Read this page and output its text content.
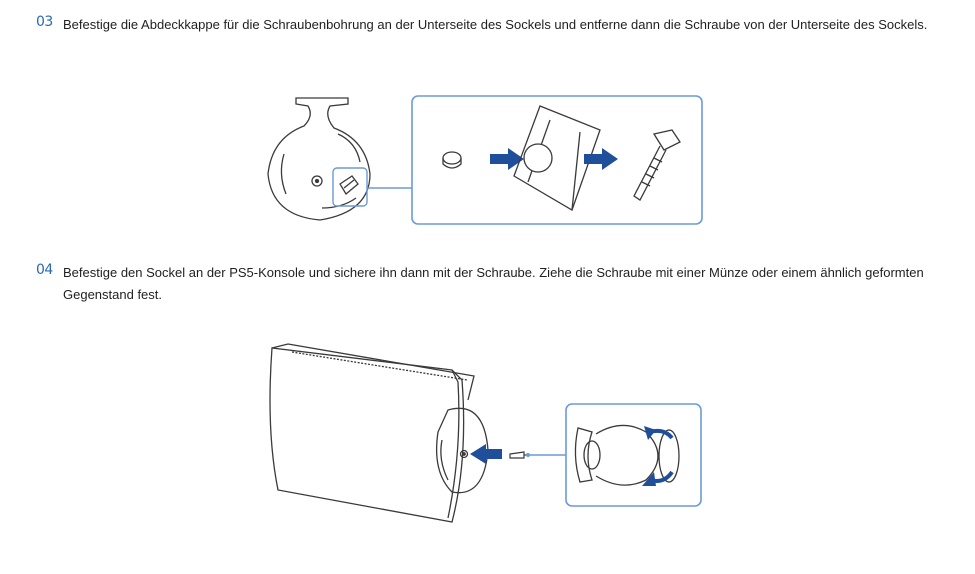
03 Befestige die Abdeckkappe für die Schraubenbohrung an der Unterseite des Sockels und entferne dann die Schraube von der Unterseite des Sockels.
04 Befestige den Sockel an der PS5-Konsole und sichere ihn dann mit der Schraube. Ziehe die Schraube mit einer Münze oder einem ähnlich geformten Gegenstand fest.
